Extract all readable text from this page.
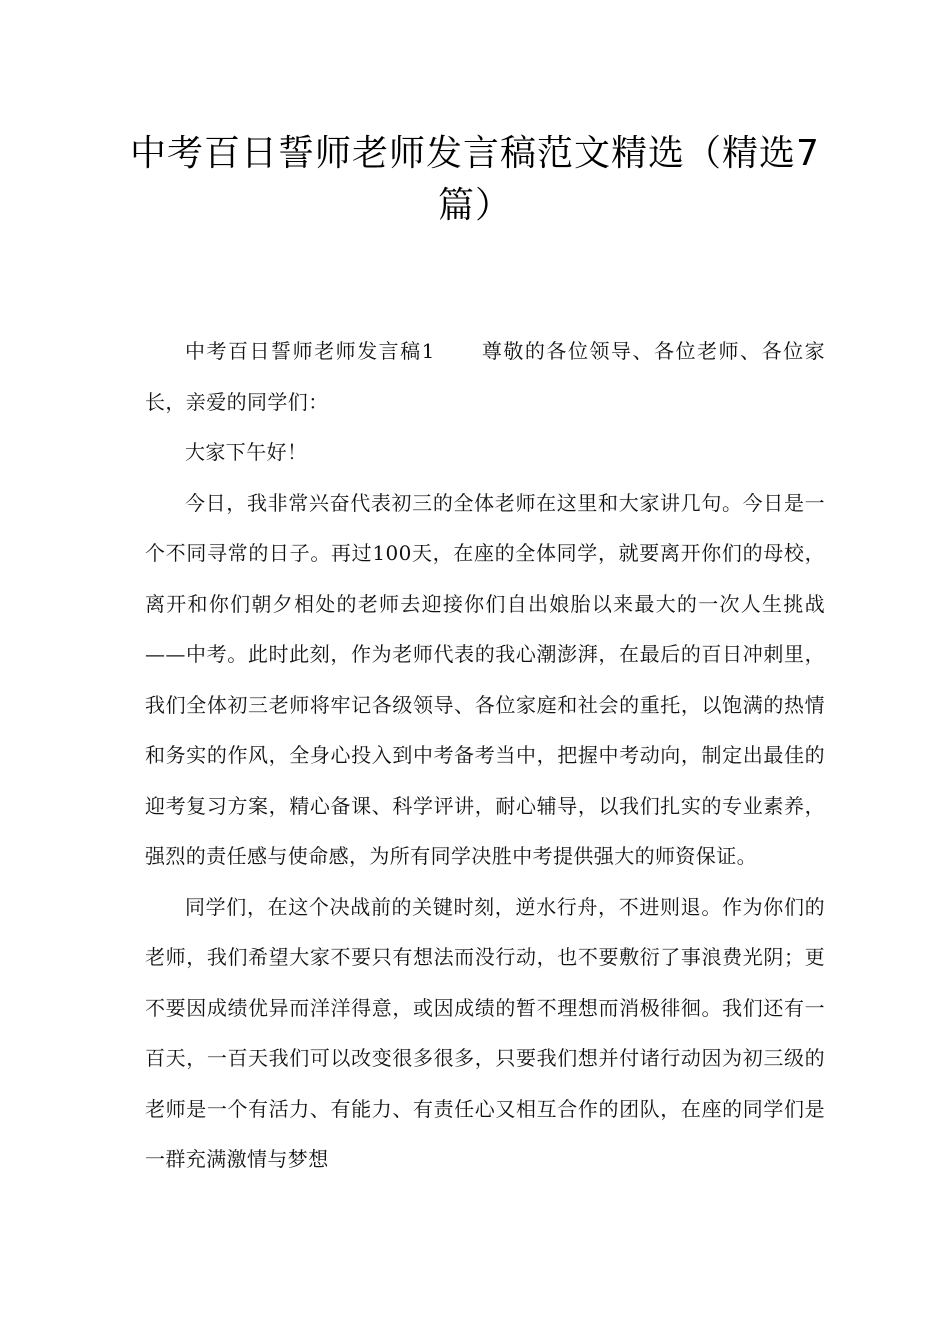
中考百日誓师老师发言稿范文精选（精选7篇）

中考百日誓师老师发言稿1 尊敬的各位领导、各位老师、各位家长，亲爱的同学们：

大家下午好！

今日，我非常兴奋代表初三的全体老师在这里和大家讲几句。今日是一个不同寻常的日子。再过100天，在座的全体同学，就要离开你们的母校，离开和你们朝夕相处的老师去迎接你们自出娘胎以来最大的一次人生挑战——中考。此时此刻，作为老师代表的我心潮澎湃，在最后的百日冲刺里，我们全体初三老师将牢记各级领导、各位家庭和社会的重托，以饱满的热情和务实的作风，全身心投入到中考备考当中，把握中考动向，制定出最佳的迎考复习方案，精心备课、科学评讲，耐心辅导，以我们扎实的专业素养，强烈的责任感与使命感，为所有同学决胜中考提供强大的师资保证。

同学们，在这个决战前的关键时刻，逆水行舟，不进则退。作为你们的老师，我们希望大家不要只有想法而没行动，也不要敷衍了事浪费光阴；更不要因成绩优异而洋洋得意，或因成绩的暂不理想而消极徘徊。我们还有一百天，一百天我们可以改变很多很多，只要我们想并付诸行动因为初三级的老师是一个有活力、有能力、有责任心又相互合作的团队，在座的同学们是一群充满激情与梦想
